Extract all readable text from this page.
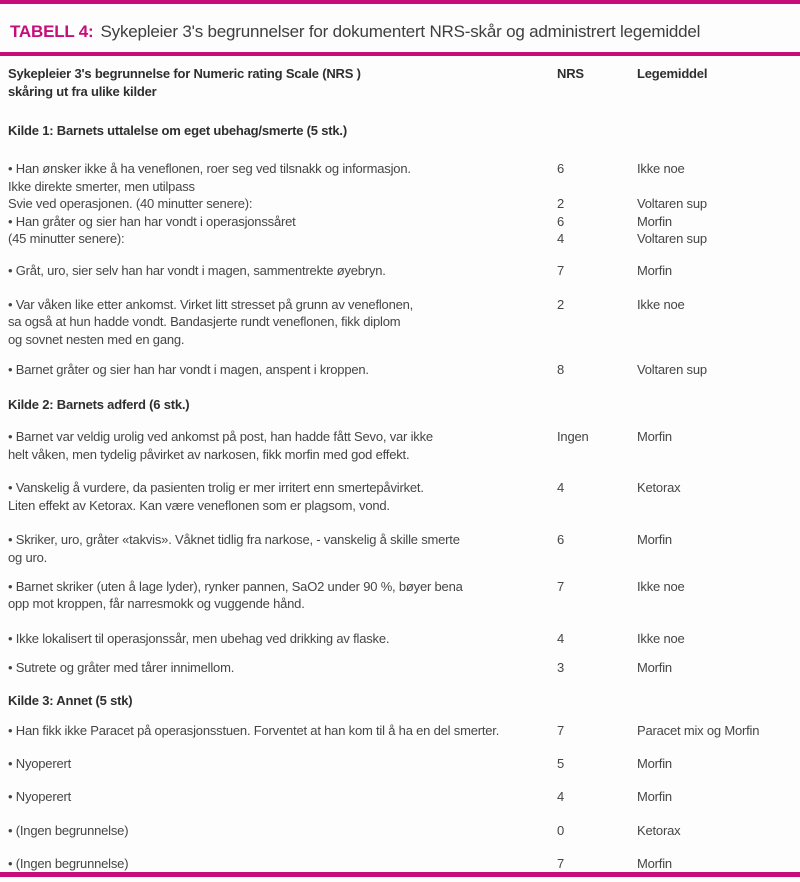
TABELL 4: Sykepleier 3's begrunnelser for dokumentert NRS-skår og administrert legemiddel
Sykepleier 3's begrunnelse for Numeric rating Scale (NRS )
skåring ut fra ulike kilder
NRS	Legemiddel
Kilde 1: Barnets uttalelse om eget ubehag/smerte (5 stk.)
• Han ønsker ikke å ha veneflonen, roer seg ved tilsnakk og informasjon.	6	Ikke noe
Ikke direkte smerter, men utilpass
Svie ved operasjonen. (40 minutter senere):	2	Voltaren sup
• Han gråter og sier han har vondt i operasjonssåret	6	Morfin
(45 minutter senere):	4	Voltaren sup
• Gråt, uro, sier selv han har vondt i magen, sammentrekte øyebryn.	7	Morfin
• Var våken like etter ankomst. Virket litt stresset på grunn av veneflonen,	2	Ikke noe
sa også at hun hadde vondt. Bandasjerte rundt veneflonen, fikk diplom
og sovnet nesten med en gang.
• Barnet gråter og sier han har vondt i magen, anspent i kroppen.	8	Voltaren sup
Kilde 2: Barnets adferd (6 stk.)
• Barnet var veldig urolig ved ankomst på post, han hadde fått Sevo, var ikke	Ingen	Morfin
helt våken, men tydelig påvirket av narkosen, fikk morfin med god effekt.
• Vanskelig å vurdere, da pasienten trolig er mer irritert enn smertepåvirket.	4	Ketorax
Liten effekt av Ketorax. Kan være veneflonen som er plagsom, vond.
• Skriker, uro, gråter «takvis». Våknet tidlig fra narkose, - vanskelig å skille smerte	6	Morfin
og uro.
• Barnet skriker (uten å lage lyder), rynker pannen, SaO2 under 90 %, bøyer bena	7	Ikke noe
opp mot kroppen, får narresmokk og vuggende hånd.
• Ikke lokalisert til operasjonssår, men ubehag ved drikking av flaske.	4	Ikke noe
• Sutrete og gråter med tårer innimellom.	3	Morfin
Kilde 3: Annet (5 stk)
• Han fikk ikke Paracet på operasjonsstuen. Forventet at han kom til å ha en del smerter.	7	Paracet mix og Morfin
• Nyoperert	5	Morfin
• Nyoperert	4	Morfin
• (Ingen begrunnelse)	0	Ketorax
• (Ingen begrunnelse)	7	Morfin
